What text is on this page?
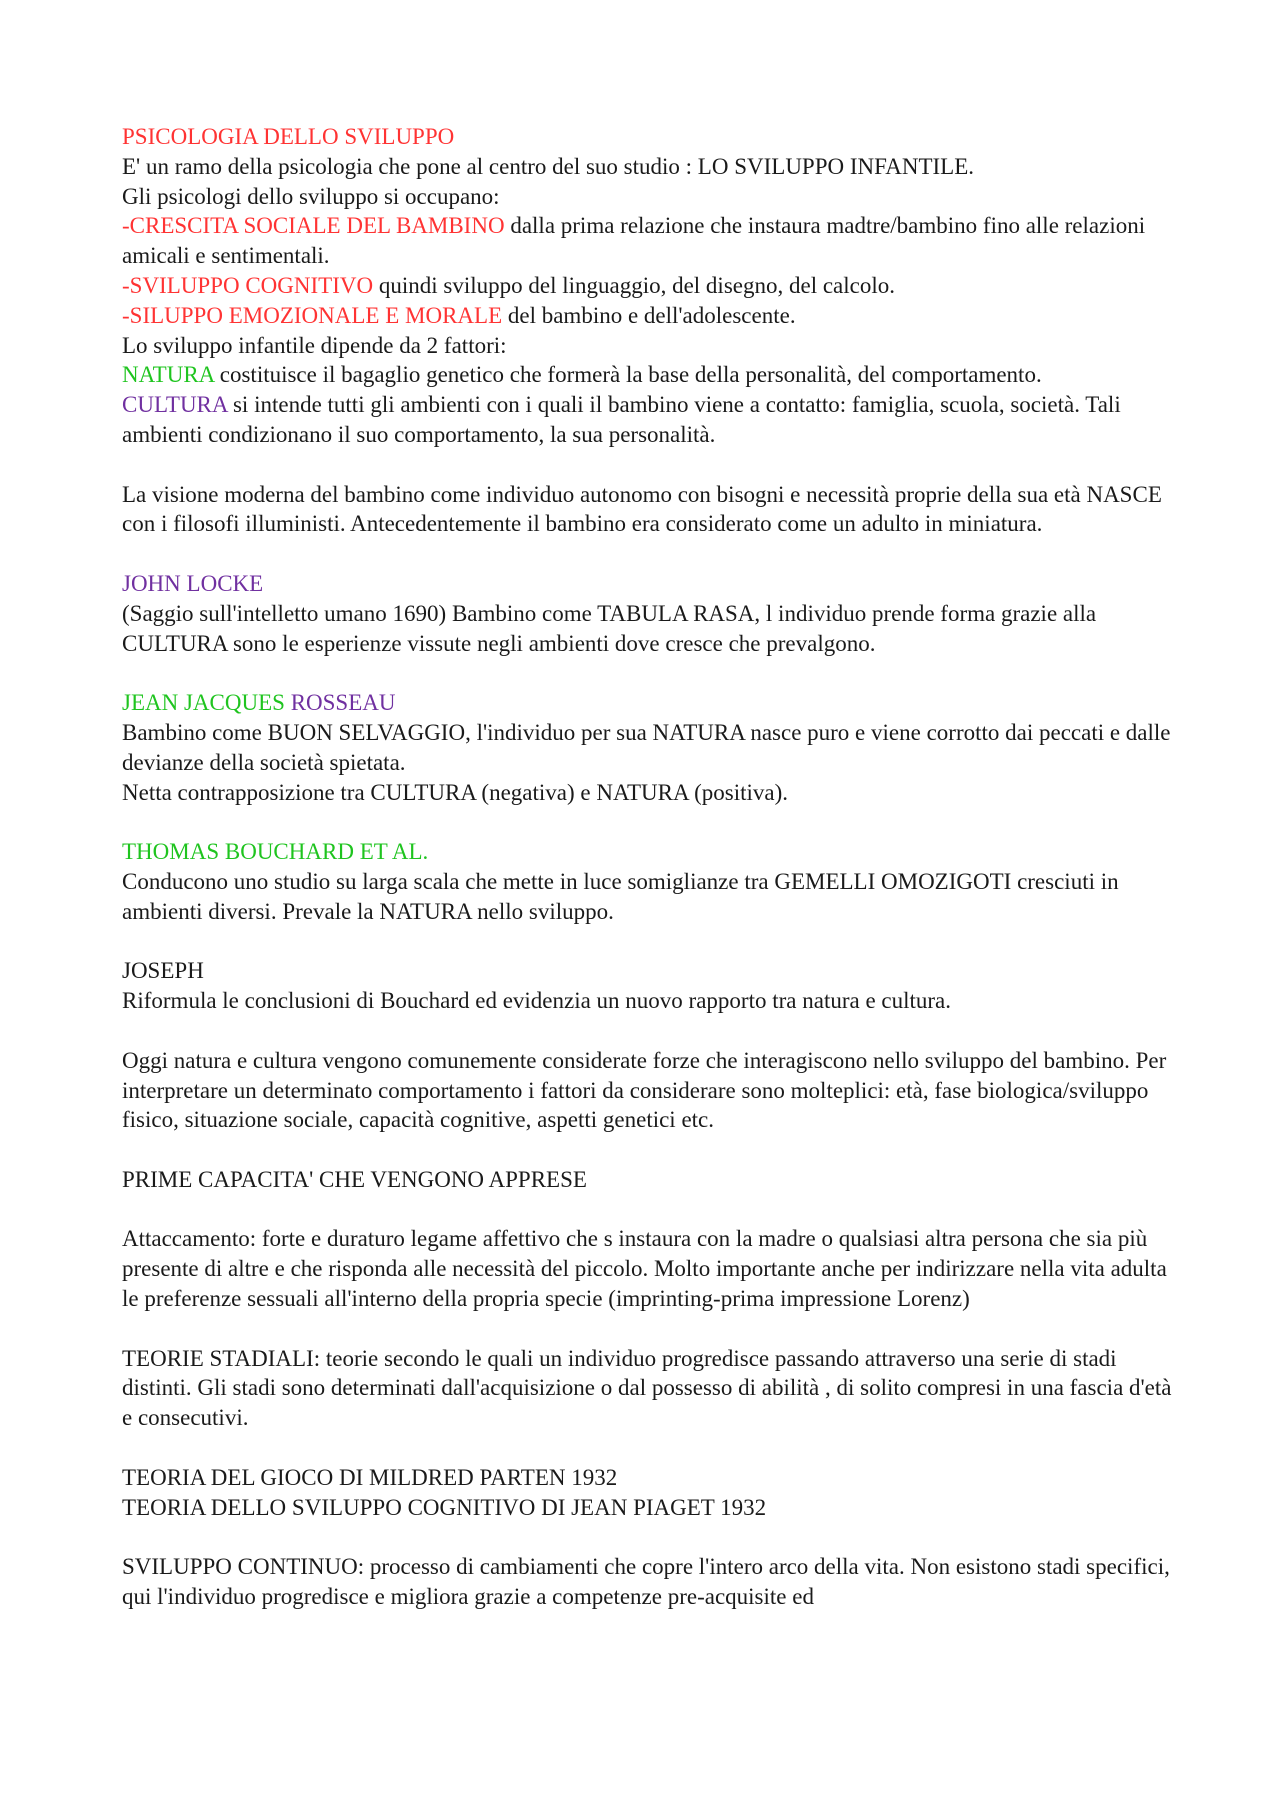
PSICOLOGIA DELLO SVILUPPO

E' un ramo della psicologia che pone al centro del suo studio : LO SVILUPPO INFANTILE.

Gli psicologi dello sviluppo si occupano:

-CRESCITA SOCIALE DEL BAMBINO dalla prima relazione che instaura madtre/bambino fino alle relazioni amicali e sentimentali.

-SVILUPPO COGNITIVO quindi sviluppo del linguaggio, del disegno, del calcolo.

-SILUPPO EMOZIONALE E MORALE del bambino e dell'adolescente.

Lo sviluppo infantile dipende da 2 fattori:

NATURA costituisce il bagaglio genetico che formerà la base della personalità, del comportamento.

CULTURA si intende tutti gli ambienti con i quali il bambino viene a contatto: famiglia, scuola, società. Tali ambienti condizionano il suo comportamento, la sua personalità.

La visione moderna del bambino come individuo autonomo con bisogni e necessità proprie della sua età NASCE con i filosofi illuministi. Antecedentemente il bambino era considerato come un adulto in miniatura.

JOHN LOCKE

(Saggio sull'intelletto umano 1690) Bambino come TABULA RASA, l individuo prende forma grazie alla CULTURA sono le esperienze vissute negli ambienti dove cresce che prevalgono.

JEAN JACQUES ROSSEAU

Bambino come BUON SELVAGGIO, l'individuo per sua NATURA nasce puro e viene corrotto dai peccati e dalle devianze della società spietata.

Netta contrapposizione tra CULTURA (negativa) e NATURA (positiva).

THOMAS BOUCHARD ET AL.

Conducono uno studio su larga scala che mette in luce somiglianze tra GEMELLI OMOZIGOTI cresciuti in ambienti diversi. Prevale la NATURA nello sviluppo.

JOSEPH

Riformula le conclusioni di Bouchard ed evidenzia un nuovo rapporto tra natura e cultura.

Oggi natura e cultura vengono comunemente considerate forze che interagiscono nello sviluppo del bambino. Per interpretare un determinato comportamento i fattori da considerare sono molteplici: età, fase biologica/sviluppo fisico, situazione sociale, capacità cognitive, aspetti genetici etc.

PRIME CAPACITA' CHE VENGONO APPRESE

Attaccamento: forte e duraturo legame affettivo che s instaura con la madre o qualsiasi altra persona che sia più presente di altre e che risponda alle necessità del piccolo. Molto importante anche per indirizzare nella vita adulta le preferenze sessuali all'interno della propria specie (imprinting-prima impressione Lorenz)

TEORIE STADIALI: teorie secondo le quali un individuo progredisce passando attraverso una serie di stadi distinti. Gli stadi sono determinati dall'acquisizione o dal possesso di abilità , di solito compresi in una fascia d'età e consecutivi.

TEORIA DEL GIOCO DI MILDRED PARTEN 1932

TEORIA DELLO SVILUPPO COGNITIVO DI JEAN PIAGET 1932

SVILUPPO CONTINUO: processo di cambiamenti che copre l'intero arco della vita. Non esistono stadi specifici, qui l'individuo progredisce e migliora grazie a competenze pre-acquisite ed
